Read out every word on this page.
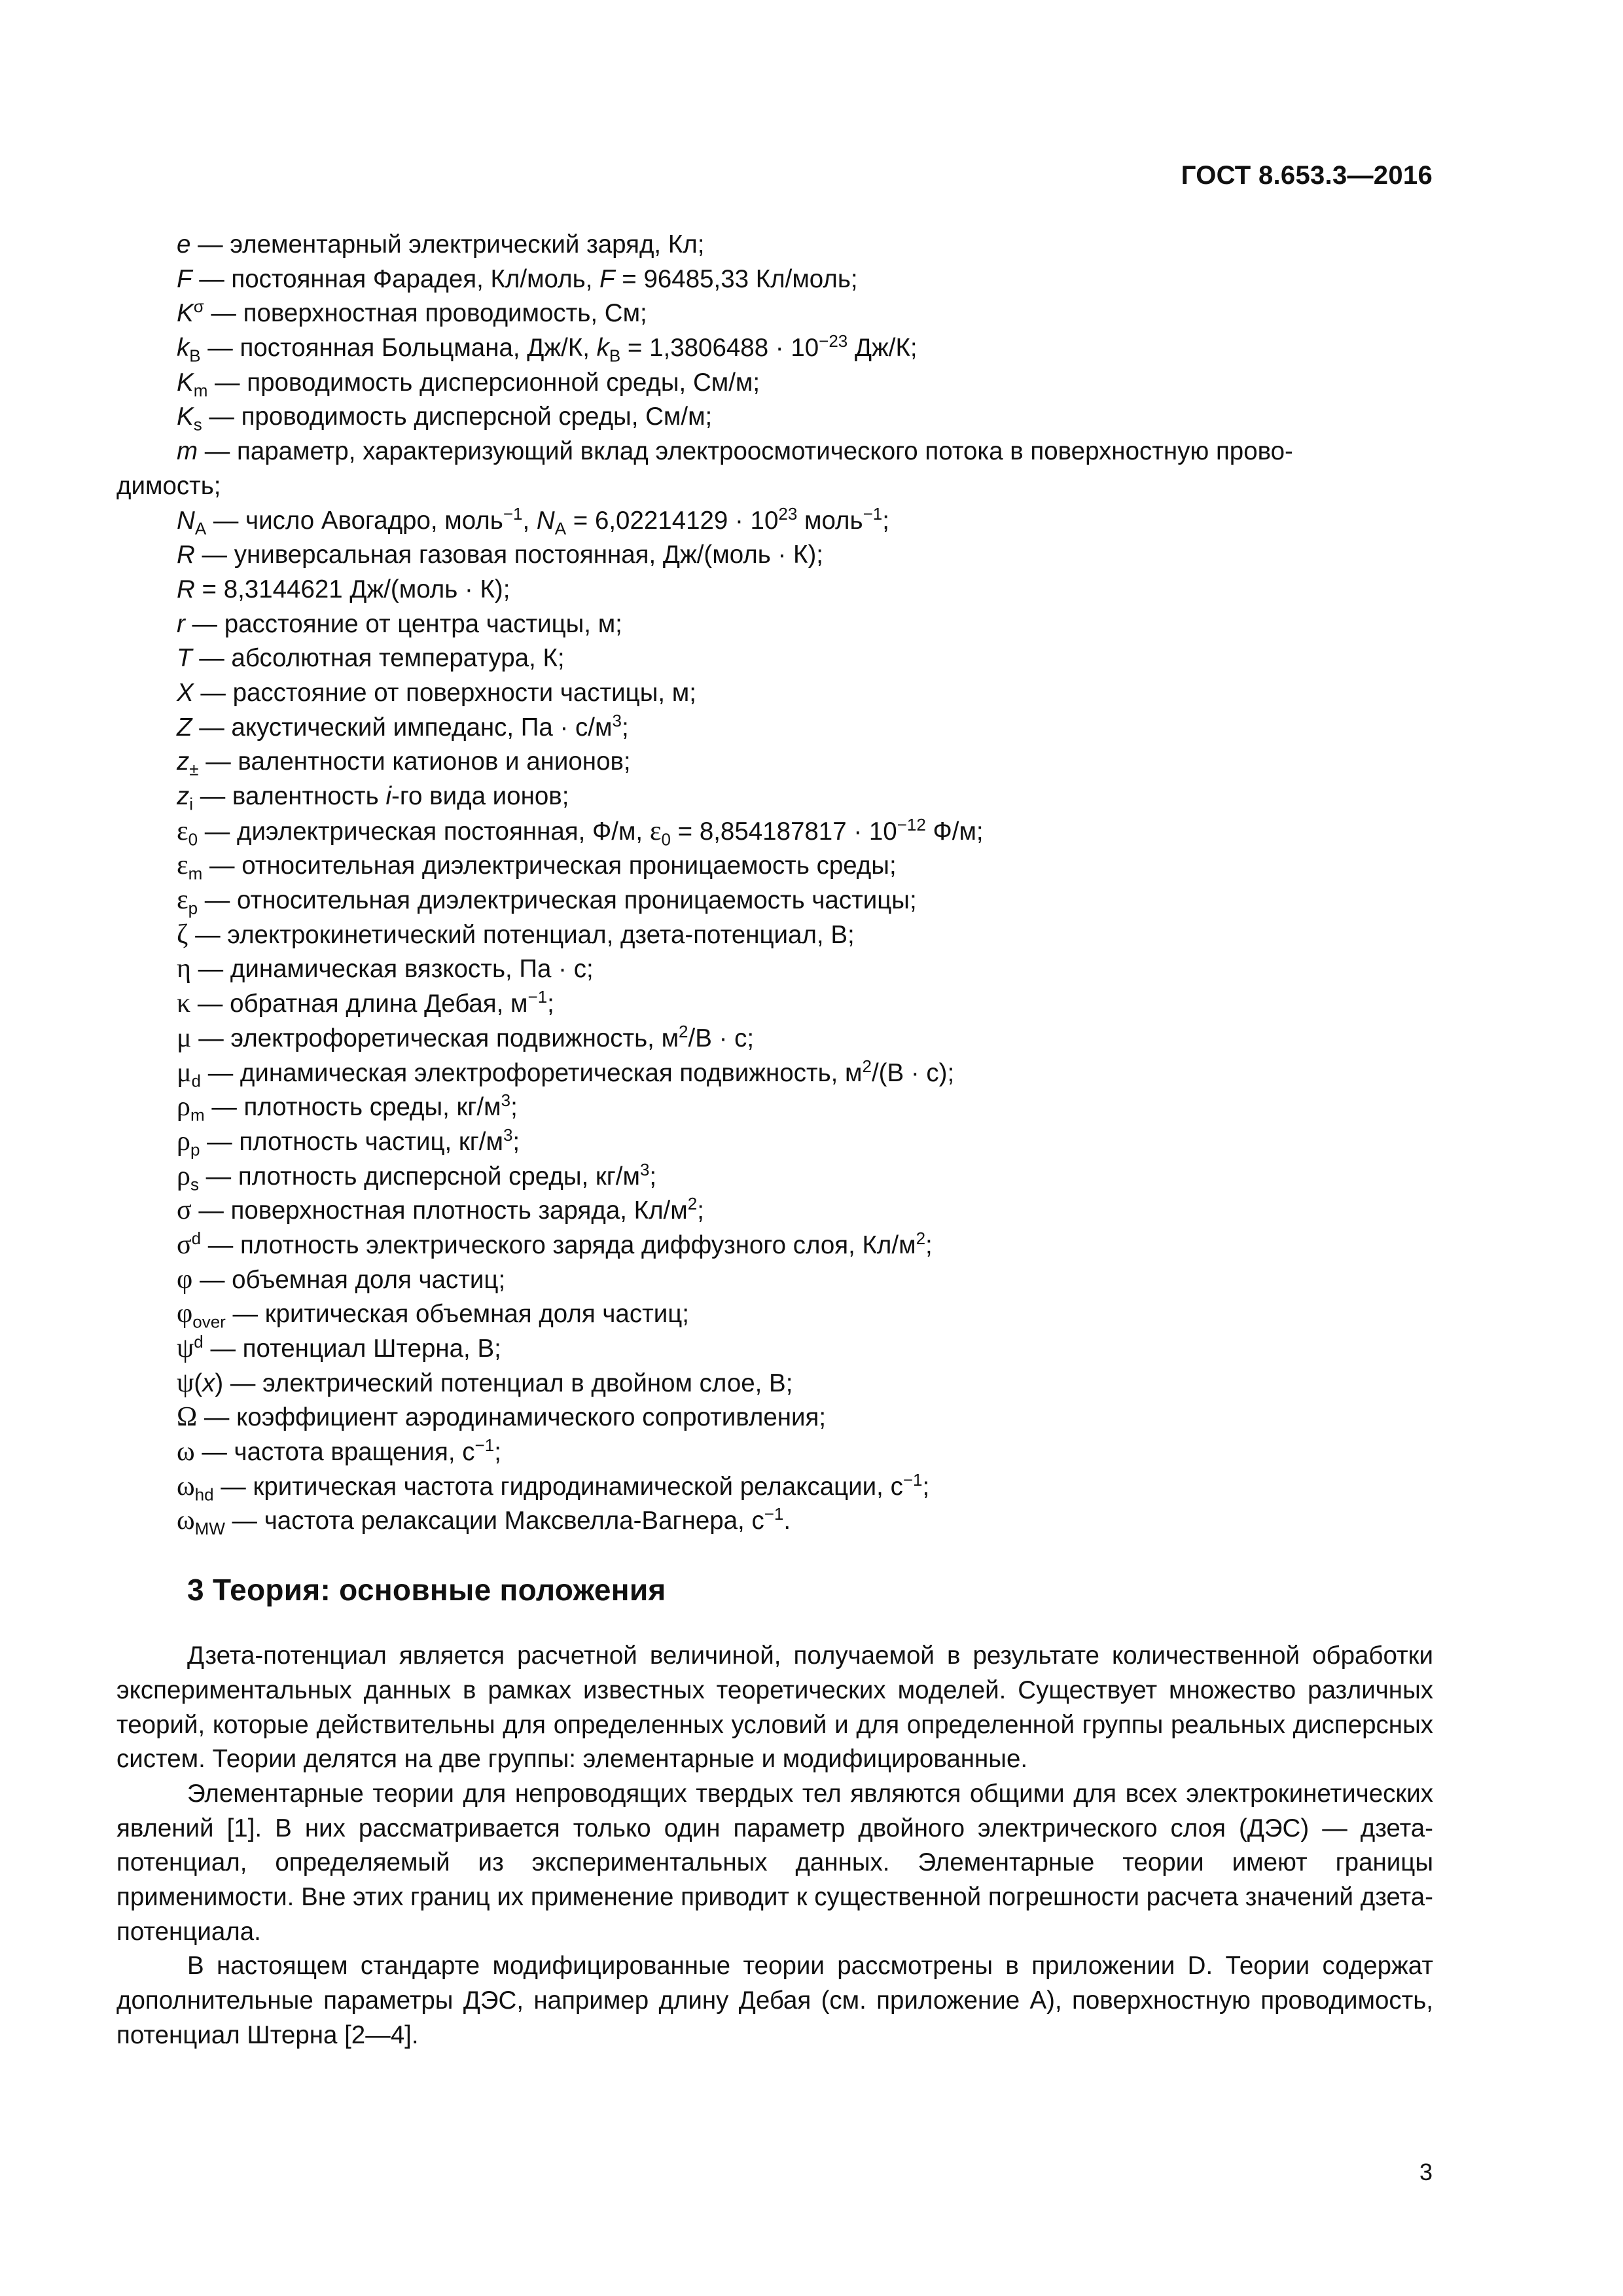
ГОСТ 8.653.3—2016
e — элементарный электрический заряд, Кл;
F — постоянная Фарадея, Кл/моль, F = 96485,33 Кл/моль;
$K^\sigma$ — поверхностная проводимость, См;
$k_B$ — постоянная Больцмана, Дж/К, $k_B = 1,3806488 \cdot 10^{-23}$ Дж/К;
$K_m$ — проводимость дисперсионной среды, См/м;
$K_s$ — проводимость дисперсной среды, См/м;
m — параметр, характеризующий вклад электроосмотического потока в поверхностную прово-
димость;
$N_A$ — число Авогадро, моль$^{-1}$, $N_A = 6,02214129 \cdot 10^{23}$ моль$^{-1}$;
R — универсальная газовая постоянная, Дж/(моль · К);
R = 8,3144621 Дж/(моль · К);
r — расстояние от центра частицы, м;
T — абсолютная температура, К;
X — расстояние от поверхности частицы, м;
Z — акустический импеданс, Па · $с/м^3$;
$z_\pm$ — валентности катионов и анионов;
$z_i$ — валентность i-го вида ионов;
$\varepsilon_0$ — диэлектрическая постоянная, Ф/м, $\varepsilon_0 = 8,854187817 \cdot 10^{-12}$ Ф/м;
$\varepsilon_m$ — относительная диэлектрическая проницаемость среды;
$\varepsilon_p$ — относительная диэлектрическая проницаемость частицы;
ζ — электрокинетический потенциал, дзета-потенциал, В;
η — динамическая вязкость, Па · с;
κ — обратная длина Дебая, $м^{-1}$;
μ — электрофоретическая подвижность, $м^2/В \cdot с$;
$\mu_d$ — динамическая электрофоретическая подвижность, $м^2/(В \cdot с)$;
$\rho_m$ — плотность среды, $кг/м^3$;
$\rho_p$ — плотность частиц, $кг/м^3$;
$\rho_s$ — плотность дисперсной среды, $кг/м^3$;
σ — поверхностная плотность заряда, $Кл/м^2$;
$\sigma^d$ — плотность электрического заряда диффузного слоя, $Кл/м^2$;
φ — объемная доля частиц;
$\varphi_{over}$ — критическая объемная доля частиц;
$\psi^d$ — потенциал Штерна, В;
ψ(x) — электрический потенциал в двойном слое, В;
Ω — коэффициент аэродинамического сопротивления;
ω — частота вращения, $с^{-1}$;
$\omega_{hd}$ — критическая частота гидродинамической релаксации, $с^{-1}$;
$\omega_{MW}$ — частота релаксации Максвелла-Вагнера, $с^{-1}$.
3 Теория: основные положения

Дзета-потенциал является расчетной величиной, получаемой в результате количественной обработки экспериментальных данных в рамках известных теоретических моделей. Существует множество различных теорий, которые действительны для определенных условий и для определенной группы реальных дисперсных систем. Теории делятся на две группы: элементарные и модифицированные.

Элементарные теории для непроводящих твердых тел являются общими для всех электрокинетических явлений [1]. В них рассматривается только один параметр двойного электрического слоя (ДЭС) — дзета-потенциал, определяемый из экспериментальных данных. Элементарные теории имеют границы применимости. Вне этих границ их применение приводит к существенной погрешности расчета значений дзета-потенциала.

В настоящем стандарте модифицированные теории рассмотрены в приложении D. Теории содержат дополнительные параметры ДЭС, например длину Дебая (см. приложение А), поверхностную проводимость, потенциал Штерна [2—4].

3
